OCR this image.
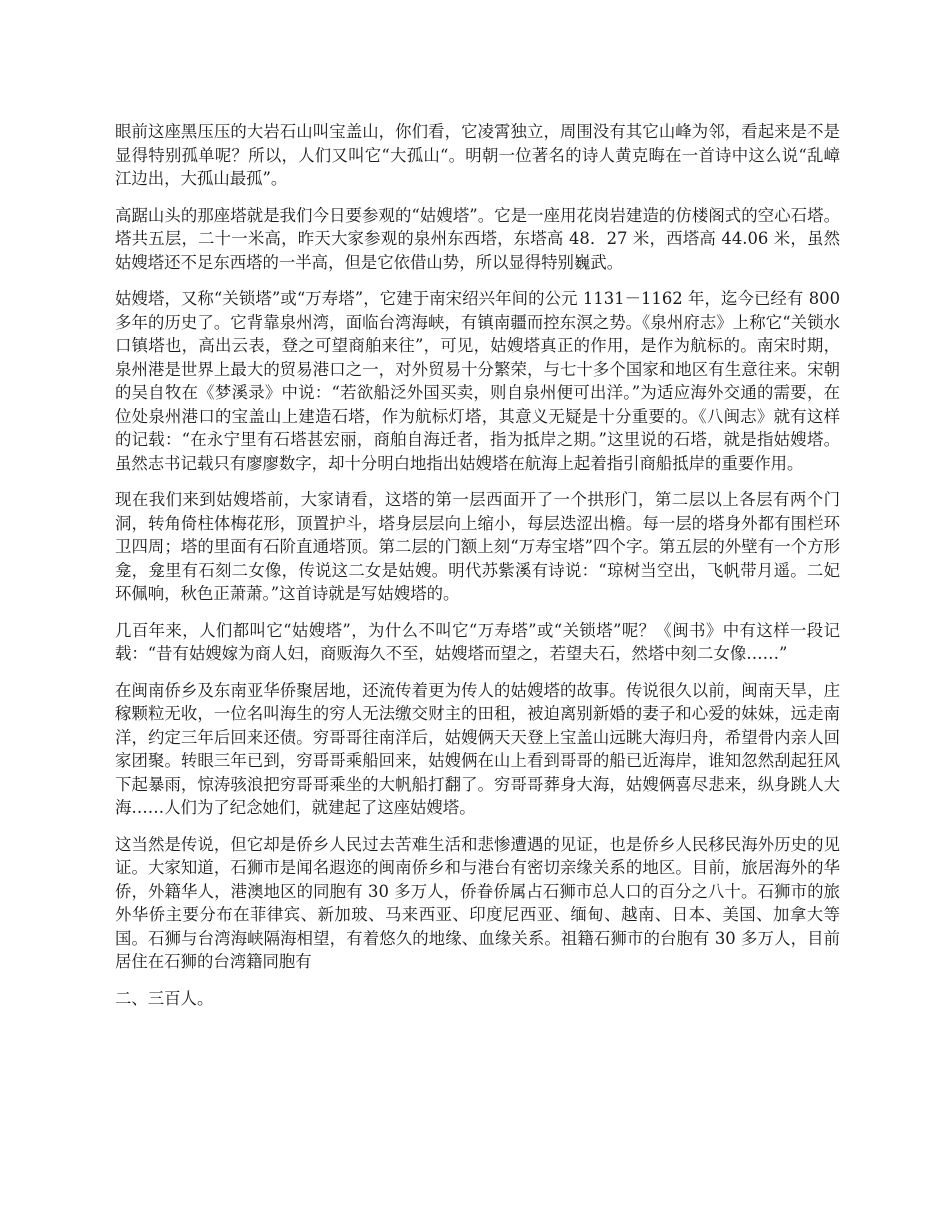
眼前这座黑压压的大岩石山叫宝盖山，你们看，它凌霄独立，周围没有其它山峰为邻，看起来是不是显得特别孤单呢？所以，人们又叫它“大孤山“。明朝一位著名的诗人黄克晦在一首诗中这么说“乱嶂江边出，大孤山最孤”。

高踞山头的那座塔就是我们今日要参观的“姑嫂塔”。它是一座用花岗岩建造的仿楼阁式的空心石塔。塔共五层，二十一米高，昨天大家参观的泉州东西塔，东塔高 48．27 米，西塔高 44.06 米，虽然姑嫂塔还不足东西塔的一半高，但是它依借山势，所以显得特别巍武。

姑嫂塔，又称“关锁塔”或“万寿塔”，它建于南宋绍兴年间的公元 1131－1162 年，迄今已经有 800 多年的历史了。它背靠泉州湾，面临台湾海峡，有镇南疆而控东溟之势。《泉州府志》上称它“关锁水口镇塔也，高出云表，登之可望商舶来往”，可见，姑嫂塔真正的作用，是作为航标的。南宋时期，泉州港是世界上最大的贸易港口之一，对外贸易十分繁荣，与七十多个国家和地区有生意往来。宋朝的吴自牧在《梦溪录》中说：“若欲船泛外国买卖，则自泉州便可出洋。”为适应海外交通的需要，在位处泉州港口的宝盖山上建造石塔，作为航标灯塔，其意义无疑是十分重要的。《八闽志》就有这样的记载：“在永宁里有石塔甚宏丽，商舶自海迁者，指为抵岸之期。”这里说的石塔，就是指姑嫂塔。虽然志书记载只有廖廖数字，却十分明白地指出姑嫂塔在航海上起着指引商船抵岸的重要作用。

现在我们来到姑嫂塔前，大家请看，这塔的第一层西面开了一个拱形门，第二层以上各层有两个门洞，转角倚柱体梅花形，顶置护斗，塔身层层向上缩小，每层迭涩出檐。每一层的塔身外都有围栏环卫四周；塔的里面有石阶直通塔顶。第二层的门额上刻“万寿宝塔”四个字。第五层的外壁有一个方形龛，龛里有石刻二女像，传说这二女是姑嫂。明代苏紫溪有诗说：“琼树当空出，飞帆带月遥。二妃环佩响，秋色正萧萧。”这首诗就是写姑嫂塔的。

几百年来，人们都叫它“姑嫂塔”，为什么不叫它“万寿塔”或“关锁塔”呢？《闽书》中有这样一段记载：“昔有姑嫂嫁为商人妇，商贩海久不至，姑嫂塔而望之，若望夫石，然塔中刻二女像……”

在闽南侨乡及东南亚华侨聚居地，还流传着更为传人的姑嫂塔的故事。传说很久以前，闽南天旱，庄稼颗粒无收，一位名叫海生的穷人无法缴交财主的田租，被迫离别新婚的妻子和心爱的妹妹，远走南洋，约定三年后回来还债。穷哥哥往南洋后，姑嫂俩天天登上宝盖山远眺大海归舟，希望骨内亲人回家团聚。转眼三年已到，穷哥哥乘船回来，姑嫂俩在山上看到哥哥的船已近海岸，谁知忽然刮起狂风下起暴雨，惊涛骇浪把穷哥哥乘坐的大帆船打翻了。穷哥哥葬身大海，姑嫂俩喜尽悲来，纵身跳人大海……人们为了纪念她们，就建起了这座姑嫂塔。

这当然是传说，但它却是侨乡人民过去苦难生活和悲惨遭遇的见证，也是侨乡人民移民海外历史的见证。大家知道，石狮市是闻名遐迩的闽南侨乡和与港台有密切亲缘关系的地区。目前，旅居海外的华侨，外籍华人，港澳地区的同胞有 30 多万人，侨眷侨属占石狮市总人口的百分之八十。石狮市的旅外华侨主要分布在菲律宾、新加玻、马来西亚、印度尼西亚、缅甸、越南、日本、美国、加拿大等国。石狮与台湾海峡隔海相望，有着悠久的地缘、血缘关系。祖籍石狮市的台胞有 30 多万人，目前居住在石狮的台湾籍同胞有

二、三百人。
